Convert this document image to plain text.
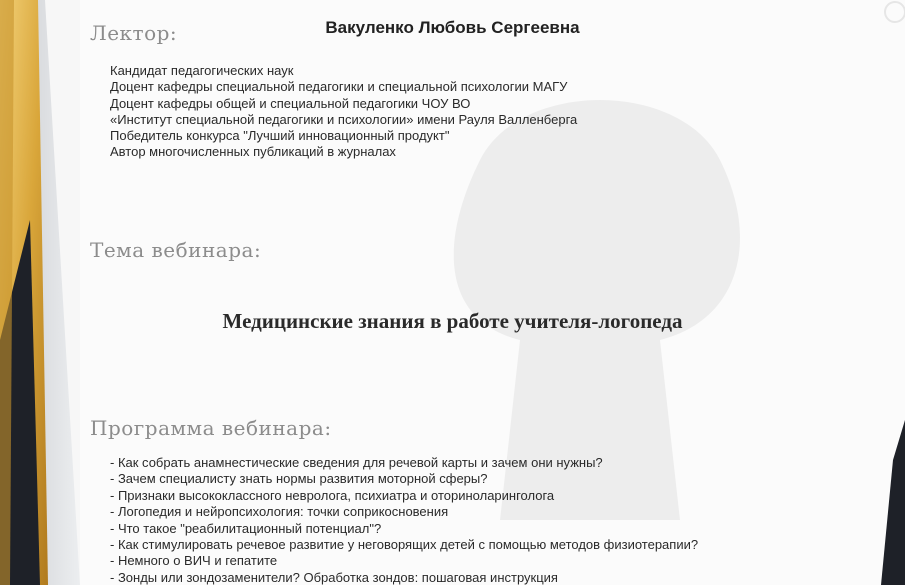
Лектор:	Вакуленко Любовь Сергеевна
Кандидат педагогических наук
Доцент кафедры специальной педагогики и специальной психологии МАГУ
Доцент кафедры общей и специальной педагогики ЧОУ ВО
«Институт специальной педагогики и психологии» имени Рауля Валленберга
Победитель конкурса "Лучший инновационный продукт"
Автор многочисленных публикаций в журналах
Тема вебинара:
Медицинские знания в работе учителя-логопеда
Программа вебинара:
- Как собрать анамнестические сведения для речевой карты и зачем они нужны?
- Зачем специалисту знать нормы развития моторной сферы?
- Признаки высококлассного невролога, психиатра и оториноларинголога
- Логопедия и нейропсихология: точки соприкосновения
- Что такое "реабилитационный потенциал"?
- Как стимулировать речевое развитие у неговорящих детей с помощью методов физиотерапии?
- Немного о ВИЧ и гепатите
- Зонды или зондозаменители? Обработка зондов: пошаговая инструкция
